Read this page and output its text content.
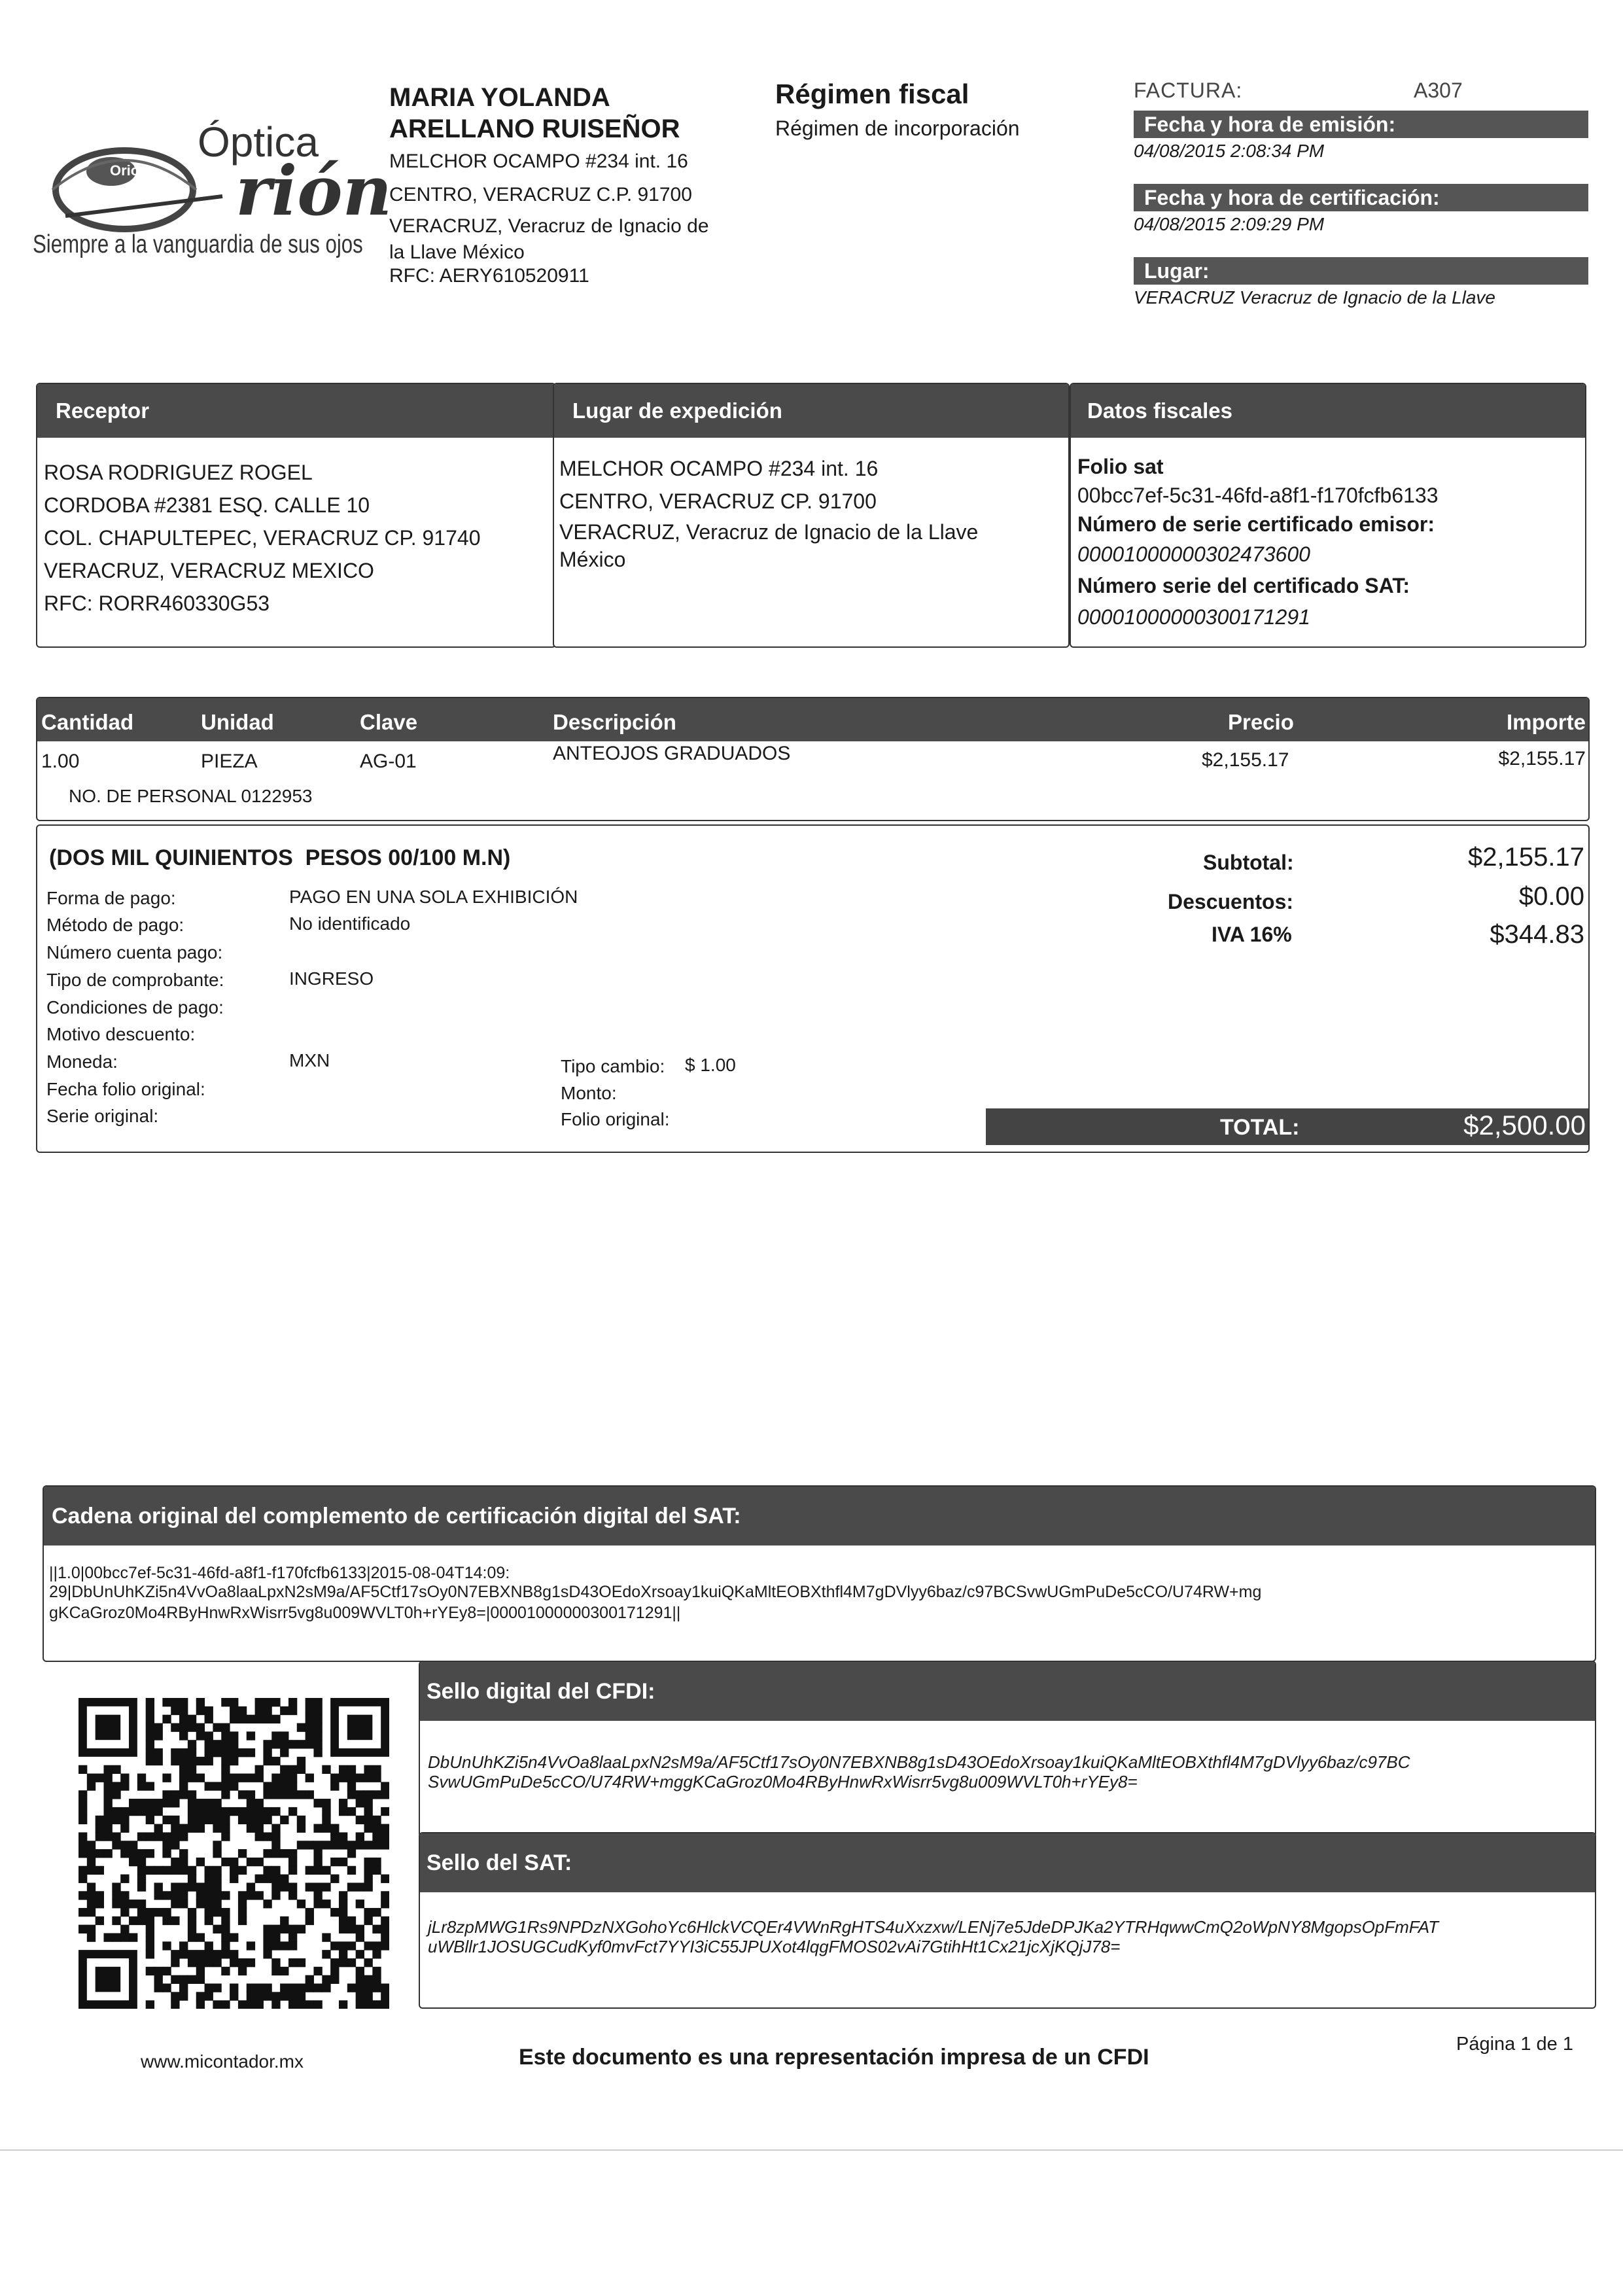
Orión
Óptica
rión
Siempre a la vanguardia de sus ojos
MARIA YOLANDA
ARELLANO RUISEÑOR
MELCHOR OCAMPO #234 int. 16
CENTRO, VERACRUZ C.P. 91700
VERACRUZ, Veracruz de Ignacio de
la Llave México
RFC: AERY610520911
Régimen fiscal
Régimen de incorporación
FACTURA:	A307
Fecha y hora de emisión:
04/08/2015 2:08:34 PM
Fecha y hora de certificación:
04/08/2015 2:09:29 PM
Lugar:
VERACRUZ Veracruz de Ignacio de la Llave
Receptor
ROSA RODRIGUEZ ROGEL
CORDOBA #2381 ESQ. CALLE 10
COL. CHAPULTEPEC, VERACRUZ CP. 91740
VERACRUZ, VERACRUZ MEXICO
RFC: RORR460330G53
Lugar de expedición
MELCHOR OCAMPO #234 int. 16
CENTRO, VERACRUZ CP. 91700
VERACRUZ, Veracruz de Ignacio de la Llave
México
Datos fiscales
Folio sat
00bcc7ef-5c31-46fd-a8f1-f170fcfb6133
Número de serie certificado emisor:
00001000000302473600
Número serie del certificado SAT:
00001000000300171291
Cantidad	Unidad	Clave	Descripción	Precio	Importe
1.00	PIEZA	AG-01	ANTEOJOS GRADUADOS	$2,155.17	$2,155.17
NO. DE PERSONAL 0122953
(DOS MIL QUINIENTOS  PESOS 00/100 M.N)
Forma de pago:	PAGO EN UNA SOLA EXHIBICIÓN
Método de pago:	No identificado
Número cuenta pago:
Tipo de comprobante:	INGRESO
Condiciones de pago:
Motivo descuento:
Moneda:	MXN
Fecha folio original:
Serie original:
Tipo cambio: $ 1.00
Monto:
Folio original:
Subtotal:	$2,155.17
Descuentos:	$0.00
IVA 16%	$344.83
TOTAL:	$2,500.00
Cadena original del complemento de certificación digital del SAT:
||1.0|00bcc7ef-5c31-46fd-a8f1-f170fcfb6133|2015-08-04T14:09:
29|DbUnUhKZi5n4VvOa8laaLpxN2sM9a/AF5Ctf17sOy0N7EBXNB8g1sD43OEdoXrsoay1kuiQKaMltEOBXthfl4M7gDVlyy6baz/c97BCSvwUGmPuDe5cCO/U74RW+mg
gKCaGroz0Mo4RByHnwRxWisrr5vg8u009WVLT0h+rYEy8=|00001000000300171291||
Sello digital del CFDI:
DbUnUhKZi5n4VvOa8laaLpxN2sM9a/AF5Ctf17sOy0N7EBXNB8g1sD43OEdoXrsoay1kuiQKaMltEOBXthfl4M7gDVlyy6baz/c97BC
SvwUGmPuDe5cCO/U74RW+mggKCaGroz0Mo4RByHnwRxWisrr5vg8u009WVLT0h+rYEy8=
Sello del SAT:
jLr8zpMWG1Rs9NPDzNXGohoYc6HlckVCQEr4VWnRgHTS4uXxzxw/LENj7e5JdeDPJKa2YTRHqwwCmQ2oWpNY8MgopsOpFmFAT
uWBllr1JOSUGCudKyf0mvFct7YYI3iC55JPUXot4lqgFMOS02vAi7GtihHt1Cx21jcXjKQjJ78=
www.micontador.mx	Este documento es una representación impresa de un CFDI
Página 1 de 1
